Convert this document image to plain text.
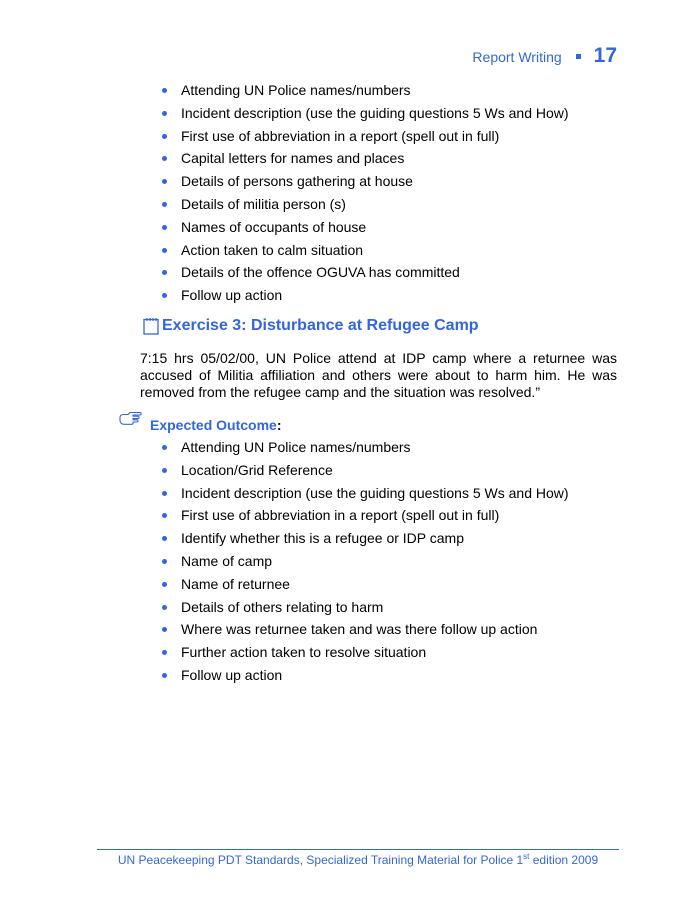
Report Writing 17
Attending UN Police names/numbers
Incident description (use the guiding questions 5 Ws and How)
First use of abbreviation in a report (spell out in full)
Capital letters for names and places
Details of persons gathering at house
Details of militia person (s)
Names of occupants of house
Action taken to calm situation
Details of the offence OGUVA has committed
Follow up action
Exercise 3: Disturbance at Refugee Camp

7:15 hrs 05/02/00, UN Police attend at IDP camp where a returnee was accused of Militia affiliation and others were about to harm him. He was removed from the refugee camp and the situation was resolved.”

Expected Outcome :
Attending UN Police names/numbers
Location/Grid Reference
Incident description (use the guiding questions 5 Ws and How)
First use of abbreviation in a report (spell out in full)
Identify whether this is a refugee or IDP camp
Name of camp
Name of returnee
Details of others relating to harm
Where was returnee taken and was there follow up action
Further action taken to resolve situation
Follow up action
UN Peacekeeping PDT Standards, Specialized Training Material for Police 1st edition 2009
